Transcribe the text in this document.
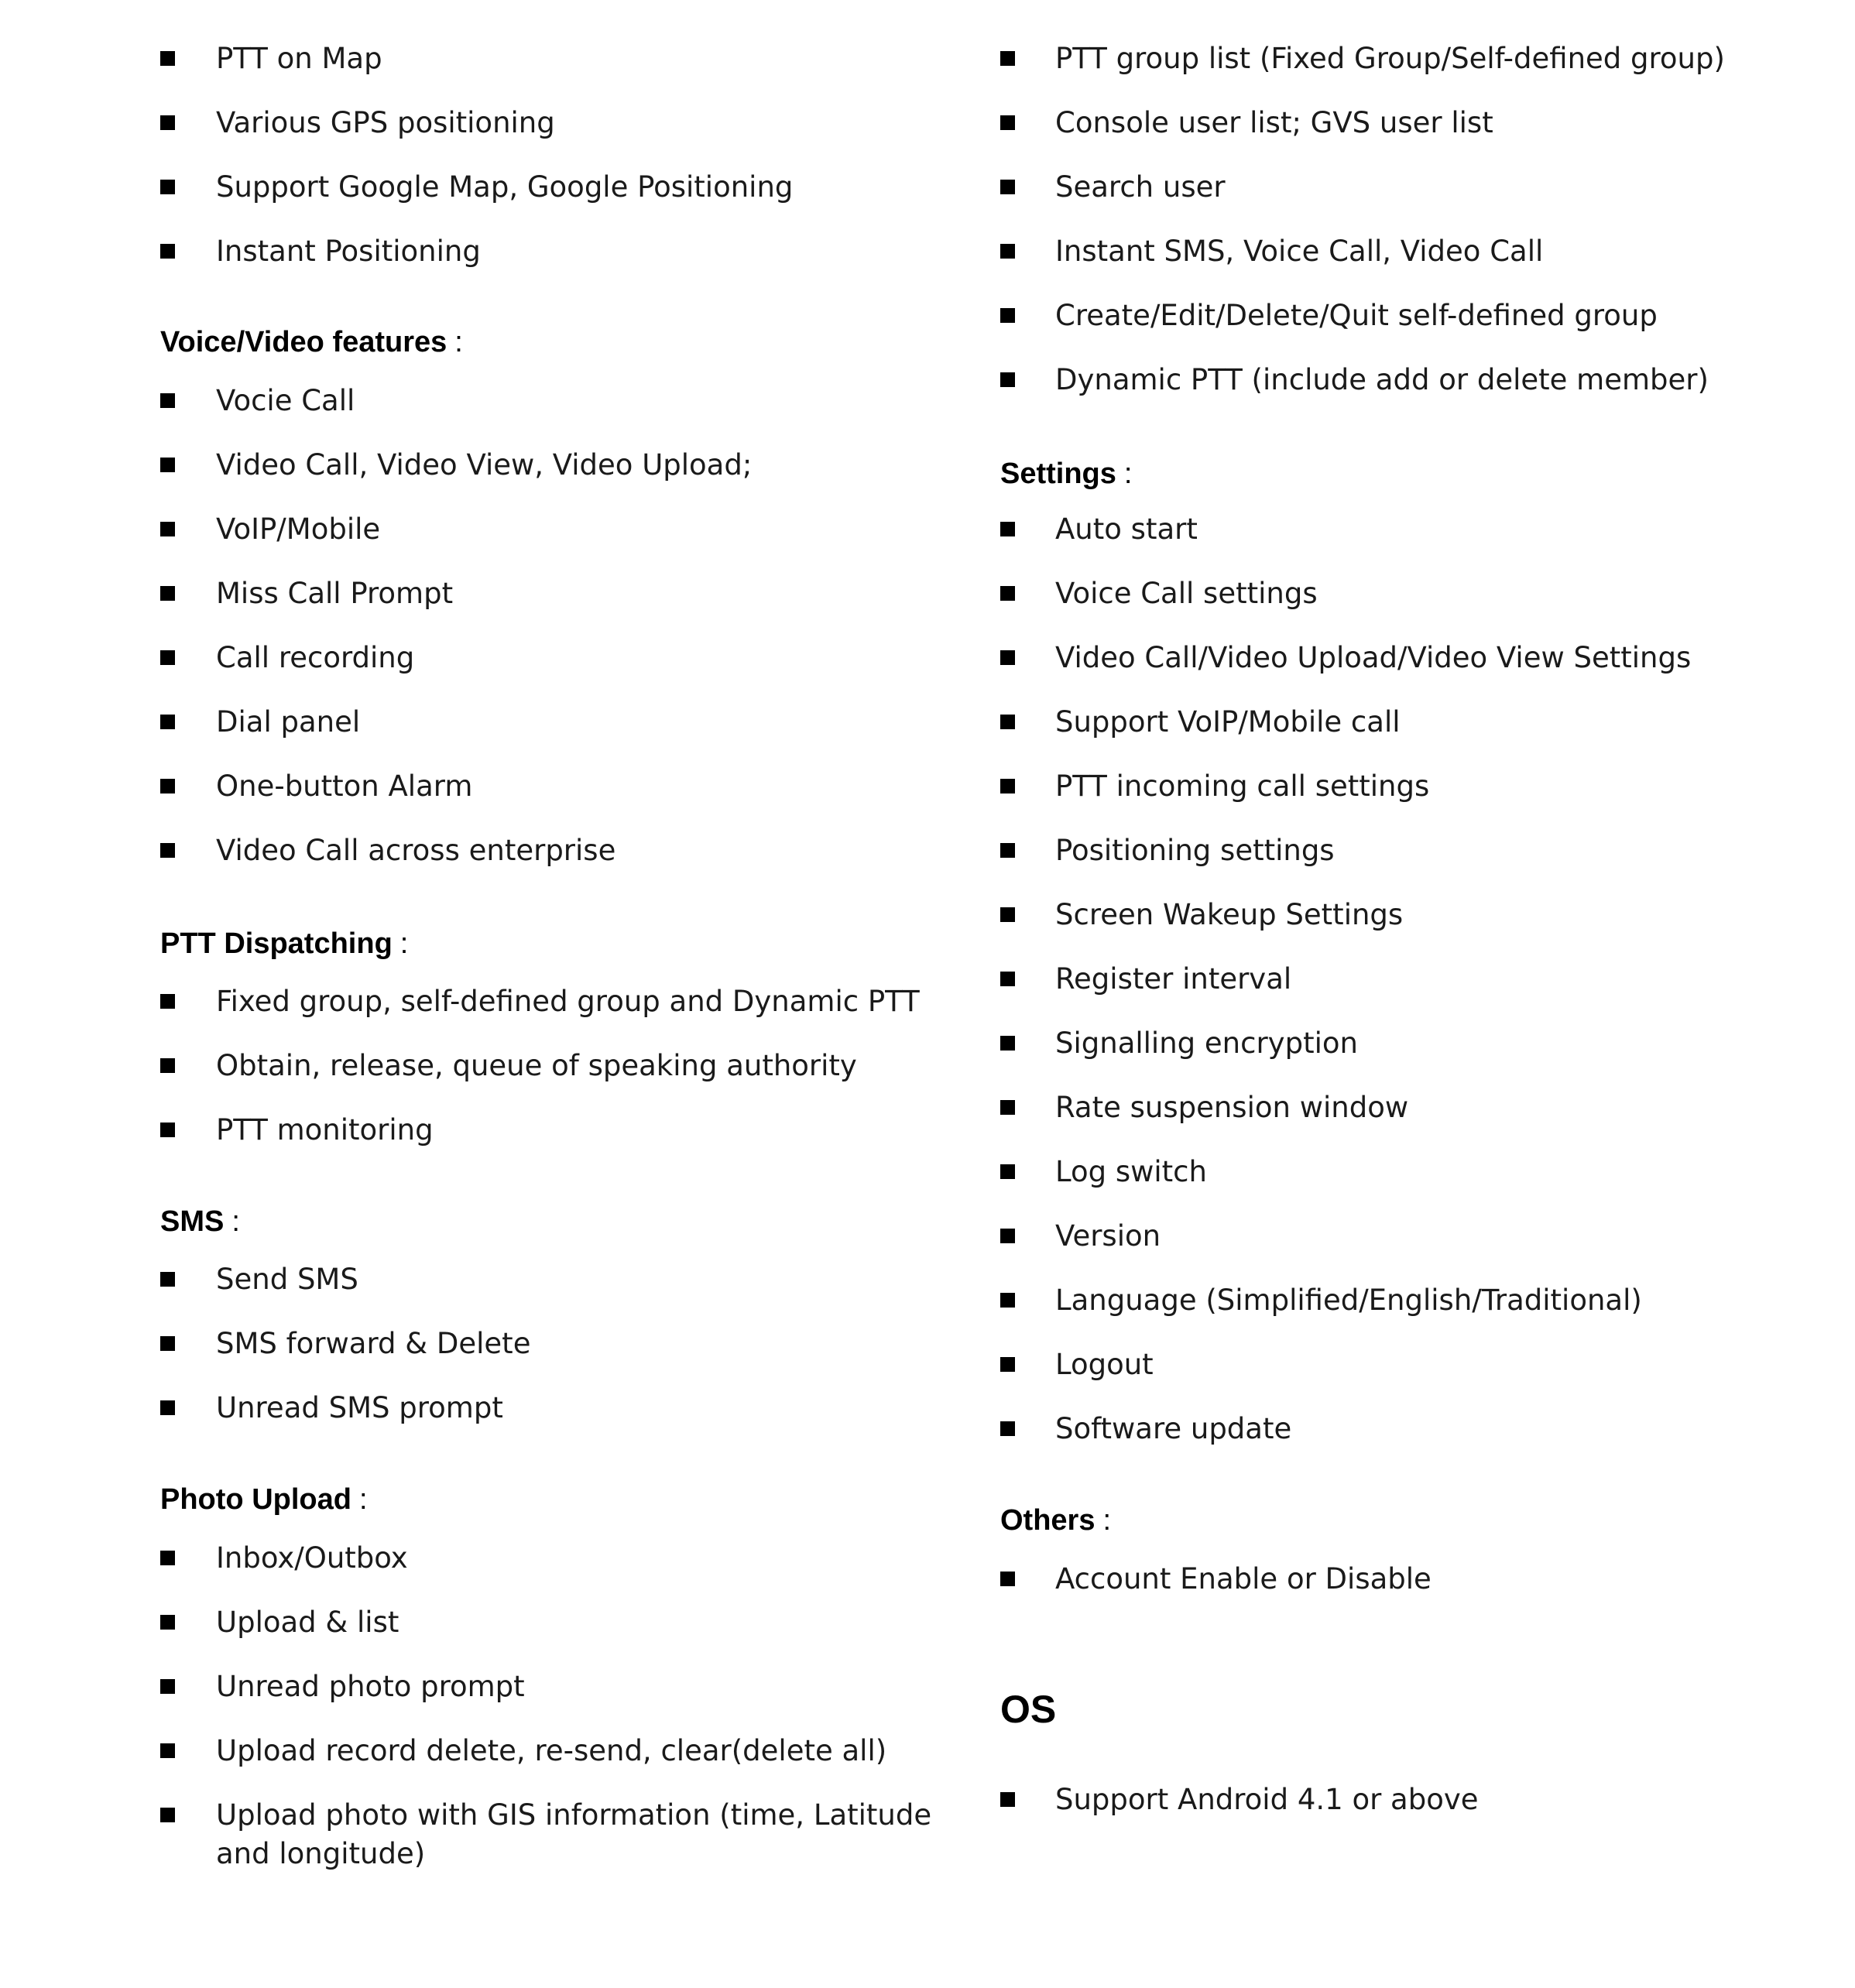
PTT on Map
Various GPS positioning
Support Google Map, Google Positioning
Instant Positioning
Voice/Video features :
Vocie Call
Video Call, Video View, Video Upload;
VoIP/Mobile
Miss Call Prompt
Call recording
Dial panel
One-button Alarm
Video Call across enterprise
PTT Dispatching :
Fixed group, self-defined group and Dynamic PTT
Obtain, release, queue of speaking authority
PTT monitoring
SMS :
Send SMS
SMS forward & Delete
Unread SMS prompt
Photo Upload :
Inbox/Outbox
Upload & list
Unread photo prompt
Upload record delete, re-send, clear(delete all)
Upload photo with GIS information (time, Latitude and longitude)
PTT group list (Fixed Group/Self-defined group)
Console user list; GVS user list
Search user
Instant SMS, Voice Call, Video Call
Create/Edit/Delete/Quit self-defined group
Dynamic PTT (include add or delete member)
Settings :
Auto start
Voice Call settings
Video Call/Video Upload/Video View Settings
Support VoIP/Mobile call
PTT incoming call settings
Positioning settings
Screen Wakeup Settings
Register interval
Signalling encryption
Rate suspension window
Log switch
Version
Language (Simplified/English/Traditional)
Logout
Software update
Others :
Account Enable or Disable
OS
Support Android 4.1 or above
